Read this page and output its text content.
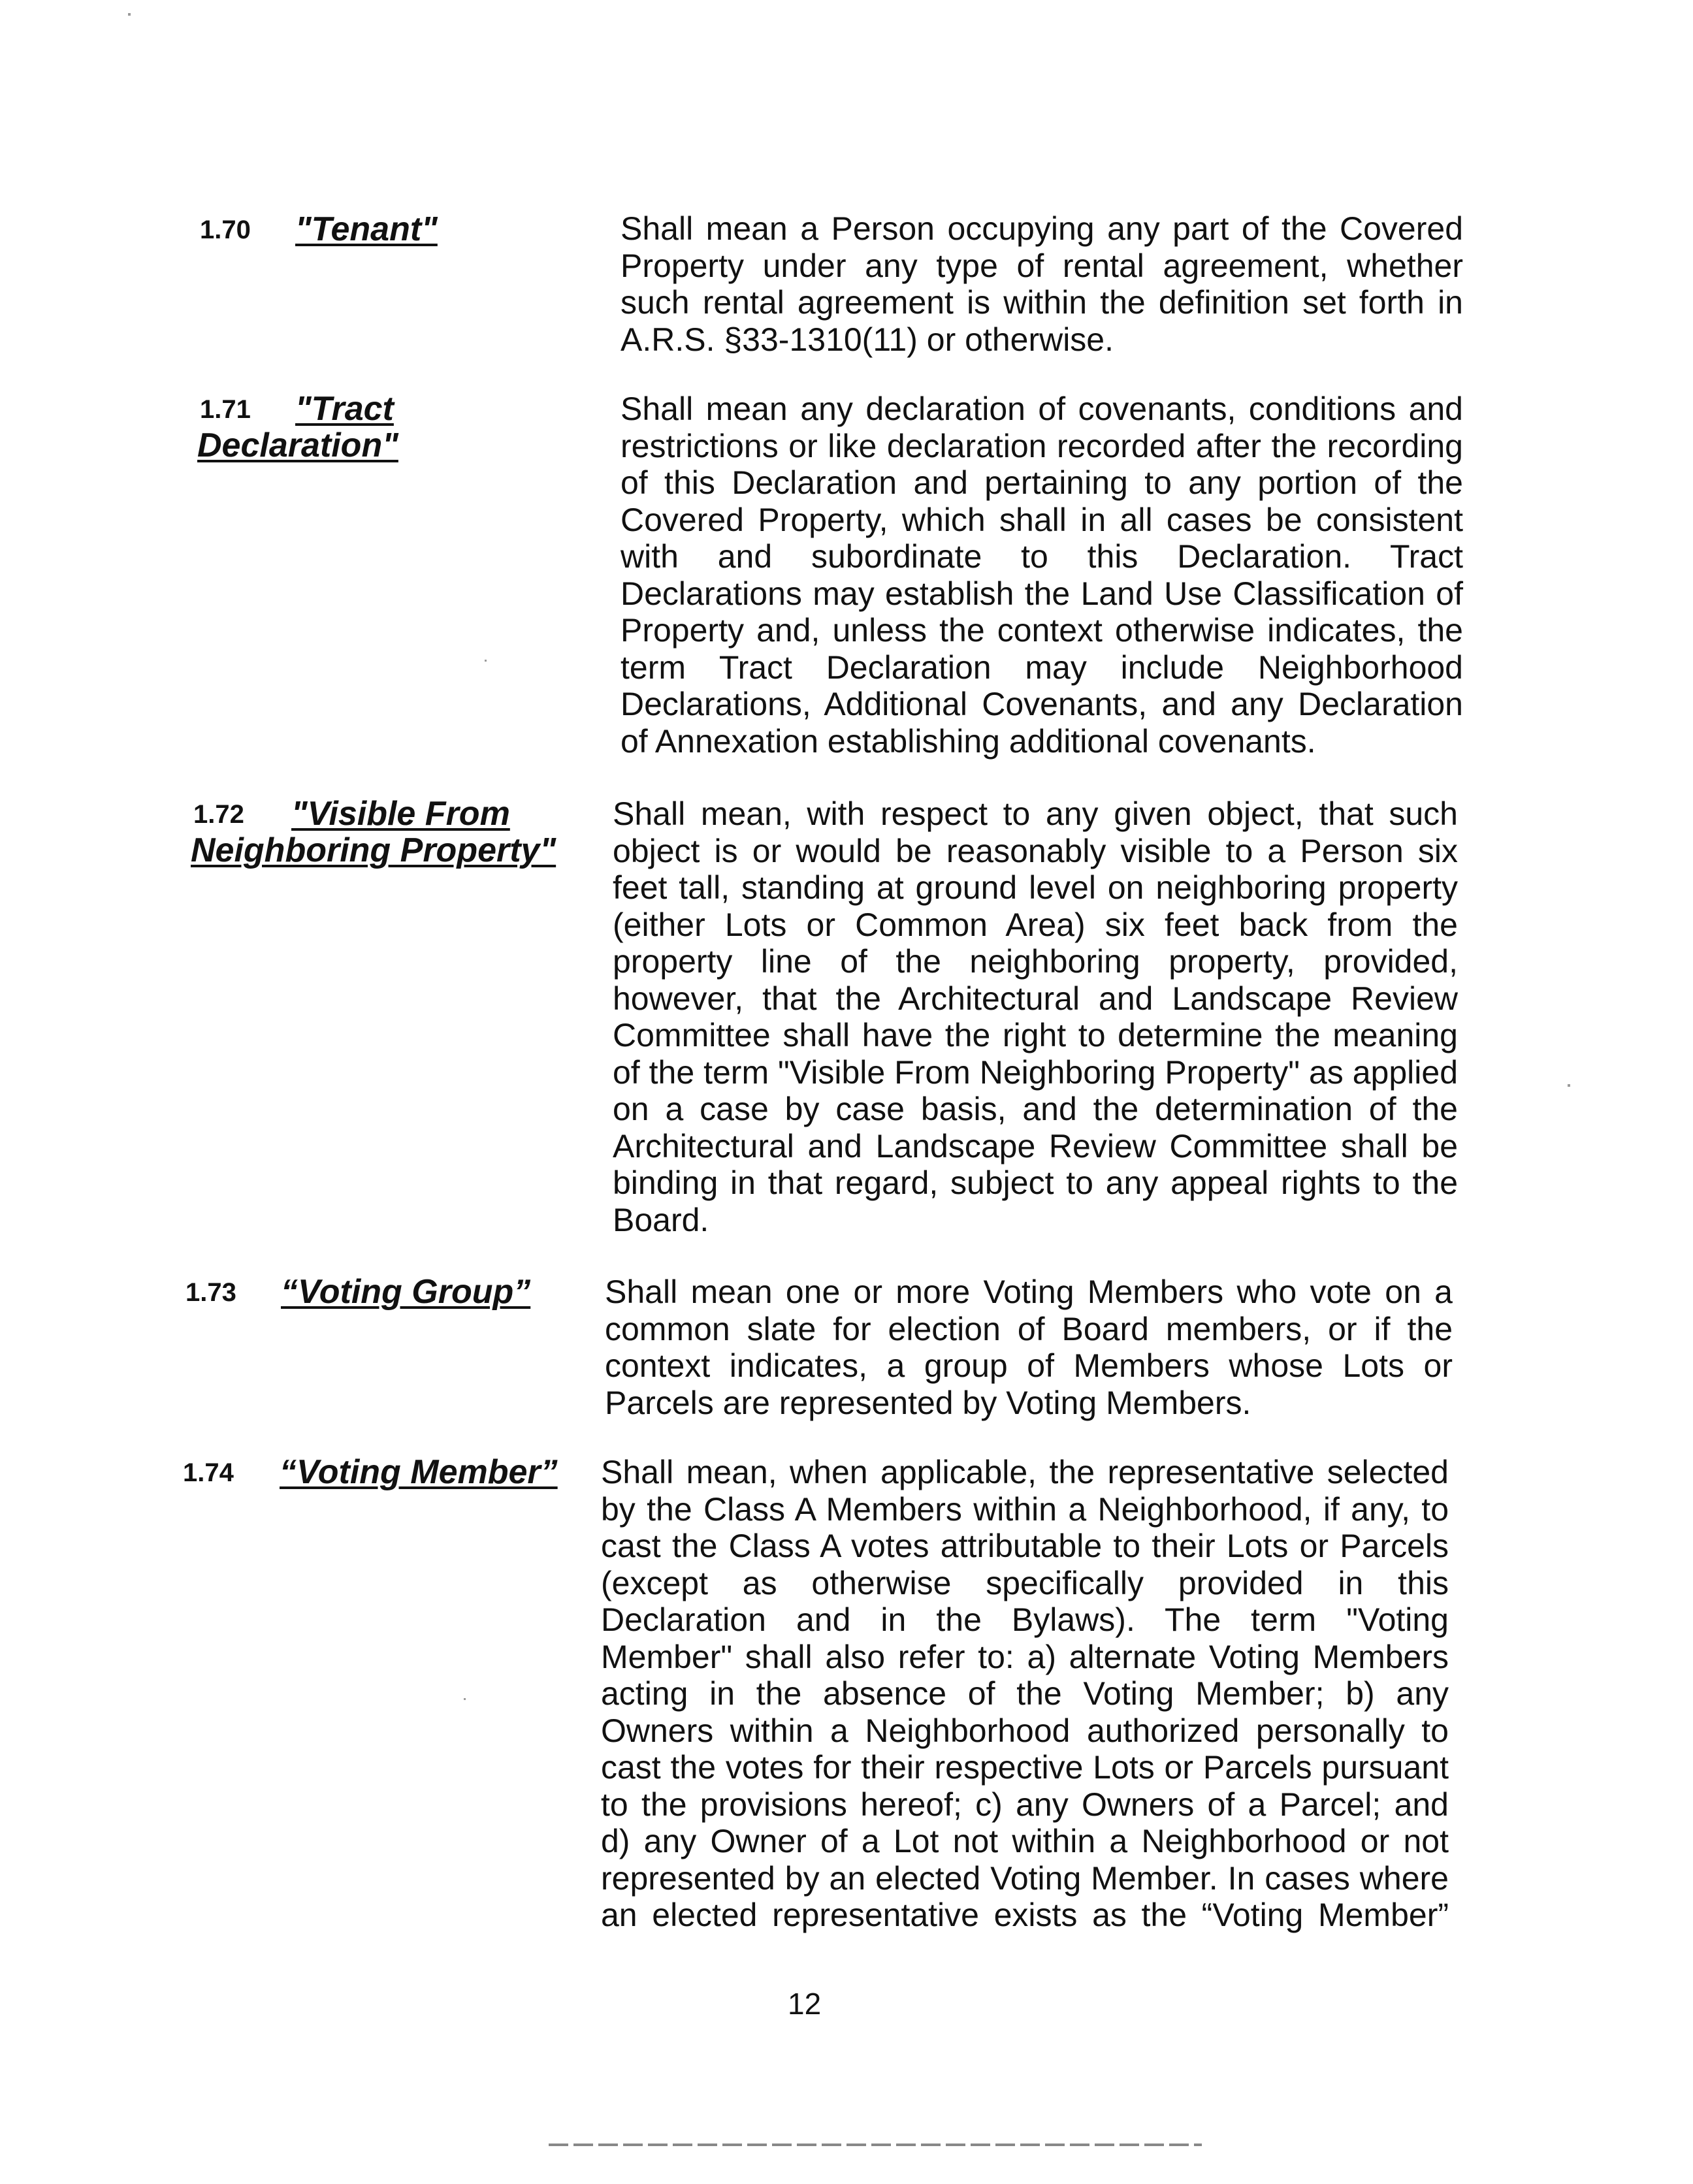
1.70 "Tenant"	Shall mean a Person occupying any part of the Covered
Property under any type of rental agreement, whether
such rental agreement is within the definition set forth in
A.R.S. §33-1310(11) or otherwise.
1.71 "Tract
Declaration"
Shall mean any declaration of covenants, conditions and
restrictions or like declaration recorded after the recording
of this Declaration and pertaining to any portion of the
Covered Property, which shall in all cases be consistent
with and subordinate to this Declaration. Tract
Declarations may establish the Land Use Classification of
Property and, unless the context otherwise indicates, the
term Tract Declaration may include Neighborhood
Declarations, Additional Covenants, and any Declaration
of Annexation establishing additional covenants.
1.72 "Visible From
Neighboring Property"
Shall mean, with respect to any given object, that such
object is or would be reasonably visible to a Person six
feet tall, standing at ground level on neighboring property
(either Lots or Common Area) six feet back from the
property line of the neighboring property, provided,
however, that the Architectural and Landscape Review
Committee shall have the right to determine the meaning
of the term "Visible From Neighboring Property" as applied
on a case by case basis, and the determination of the
Architectural and Landscape Review Committee shall be
binding in that regard, subject to any appeal rights to the
Board.
1.73 “Voting Group” Shall mean one or more Voting Members who vote on a
common slate for election of Board members, or if the
context indicates, a group of Members whose Lots or
Parcels are represented by Voting Members.
1.74 “Voting Member” Shall mean, when applicable, the representative selected
by the Class A Members within a Neighborhood, if any, to
cast the Class A votes attributable to their Lots or Parcels
(except as otherwise specifically provided in this
Declaration and in the Bylaws). The term "Voting
Member" shall also refer to: a) alternate Voting Members
acting in the absence of the Voting Member; b) any
Owners within a Neighborhood authorized personally to
cast the votes for their respective Lots or Parcels pursuant
to the provisions hereof; c) any Owners of a Parcel; and
d) any Owner of a Lot not within a Neighborhood or not
represented by an elected Voting Member. In cases where
an elected representative exists as the “Voting Member”
12
